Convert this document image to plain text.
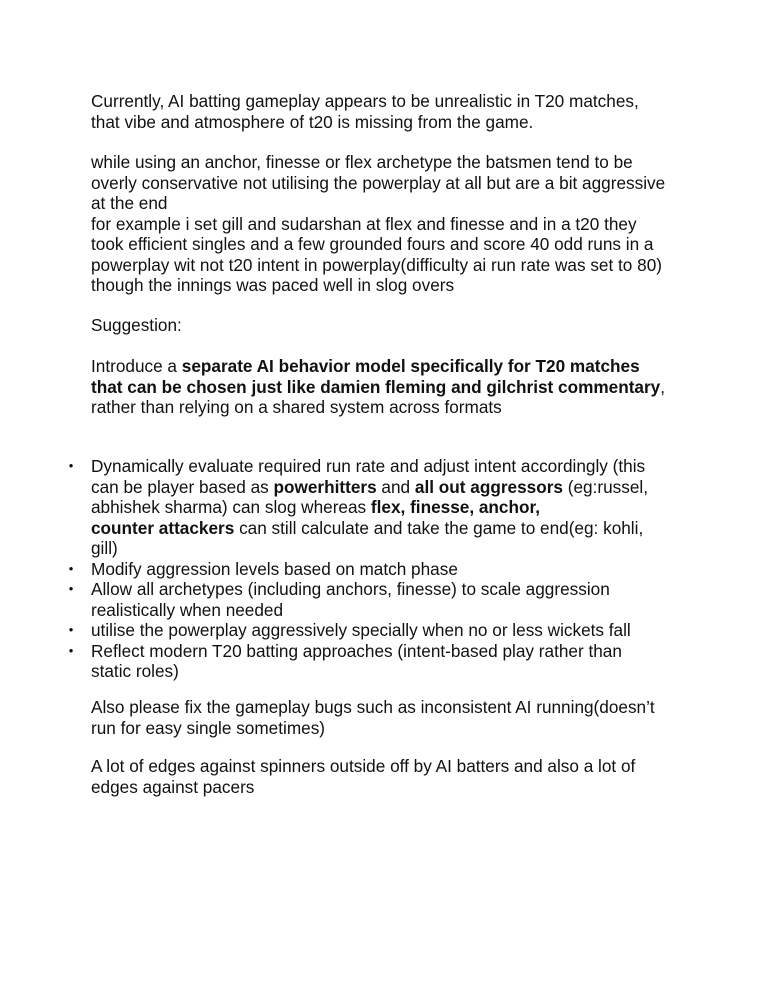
Currently, AI batting gameplay appears to be unrealistic in T20 matches,
that vibe and atmosphere of t20 is missing from the game.
while using an anchor, finesse or flex archetype the batsmen tend to be
overly conservative not utilising the powerplay at all but are a bit aggressive
at the end
for example i set gill and sudarshan at flex and finesse and in a t20 they
took efficient singles and a few grounded fours and score 40 odd runs in a
powerplay wit not t20 intent in powerplay(difficulty ai run rate was set to 80)
though the innings was paced well in slog overs
Suggestion:
Introduce a separate AI behavior model specifically for T20 matches
that can be chosen just like damien fleming and gilchrist commentary,
rather than relying on a shared system across formats
• Dynamically evaluate required run rate and adjust intent accordingly (this
can be player based as powerhitters and all out aggressors (eg:russel,
abhishek sharma) can slog whereas flex, finesse, anchor,
counter attackers can still calculate and take the game to end(eg: kohli,
gill)
• Modify aggression levels based on match phase
• Allow all archetypes (including anchors, finesse) to scale aggression
realistically when needed
• utilise the powerplay aggressively specially when no or less wickets fall
• Reflect modern T20 batting approaches (intent-based play rather than
static roles)
Also please fix the gameplay bugs such as inconsistent AI running(doesn’t
run for easy single sometimes)
A lot of edges against spinners outside off by AI batters and also a lot of
edges against pacers
